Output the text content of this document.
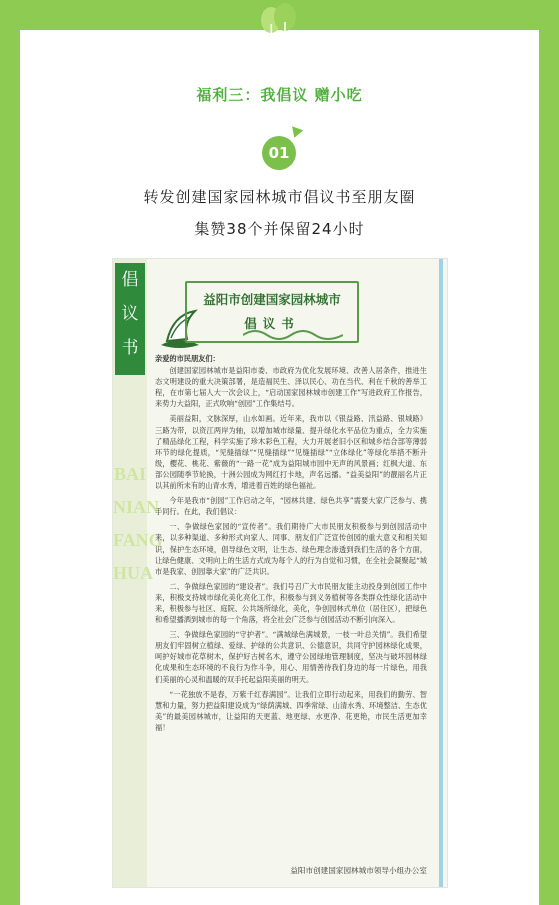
福利三：我倡议 赠小吃
01
转发创建国家园林城市倡议书至朋友圈
集赞38个并保留24小时
倡
议
书
BAI
NIAN
FANG
HUA
益阳市创建国家园林城市
倡议书

亲爱的市民朋友们：

创建国家园林城市是益阳市委、市政府为优化发展环境、改善人居条件，推进生态文明建设的重大决策部署，是造福民生、泽以民心、功在当代、利在千秋的善举工程，在市第七届人大一次会议上，“启动国家园林城市创建工作”写进政府工作报告，来势力大益阳，正式吹响“创园”工作集结号。

美丽益阳，文脉深厚，山水如画。近年来，我市以《银益路、汛益路、银城路》三路为带，以资江两岸为轴，以增加城市绿量、提升绿化水平品位为重点，全力实施了精品绿化工程，科学实施了珍木彩色工程，大力开展老旧小区和城乡结合部等薄弱环节的绿化提质，“见缝插绿”“见缝插绿”“见缝插绿”“立体绿化”等绿化举措不断升级，樱花、桃花、紫薇的“一路一花”成为益阳城市园中无声的风景画；红枫大道、东部公园随季节轮换，十洲公园成为网红打卡地，声名远播。“益美益阳”的靓丽名片正以其前所未有的山青水秀，增进着百姓的绿色福祉。

今年是我市“创园”工作启动之年，“园林共建、绿色共享”需要大家广泛参与、携手同行。在此，我们倡议：

一、争做绿色家园的“宣传者”。我们期待广大市民朋友积极参与到创园活动中来，以多种渠道、多种形式向家人、同事、朋友们广泛宣传创园的重大意义和相关知识，保护生态环境，倡导绿色文明，让生态、绿色理念渗透到我们生活的各个方面，让绿色健康、文明向上的生活方式成为每个人的行为自觉和习惯，在全社会凝聚起“城市是我家、创园靠大家”的广泛共识。

二、争做绿色家园的“建设者”。我们号召广大市民朋友能主动投身到创园工作中来，积极支持城市绿化美化亮化工作，积极参与到义务植树等各类群众性绿化活动中来，积极参与社区、庭院、公共场所绿化，美化，争创园林式单位（居住区），把绿色和希望播洒到城市的每一个角落，将全社会广泛参与创园活动不断引向深入。

三、争做绿色家园的“守护者”。“满城绿色满城景，一枝一叶总关情”。我们希望朋友们牢固树立植绿、爱绿、护绿的公共意识、公德意识，共同守护园林绿化成果，呵护好城市花草树木，保护好古树名木，遵守公园绿地管理制度，坚决与破坏园林绿化成果和生态环境的不良行为作斗争，用心、用情善待我们身边的每一片绿色，用我们美丽的心灵和温暖的双手托起益阳美丽的明天。

“一花独放不是春，万紫千红春满园”。让我们立即行动起来，用我们的勤劳、智慧和力量，努力把益阳建设成为“绿荫满城、四季常绿、山清水秀、环境整洁、生态优美”的最美园林城市，让益阳的天更蓝、地更绿、水更净、花更艳，市民生活更加幸福！

益阳市创建国家园林城市领导小组办公室
